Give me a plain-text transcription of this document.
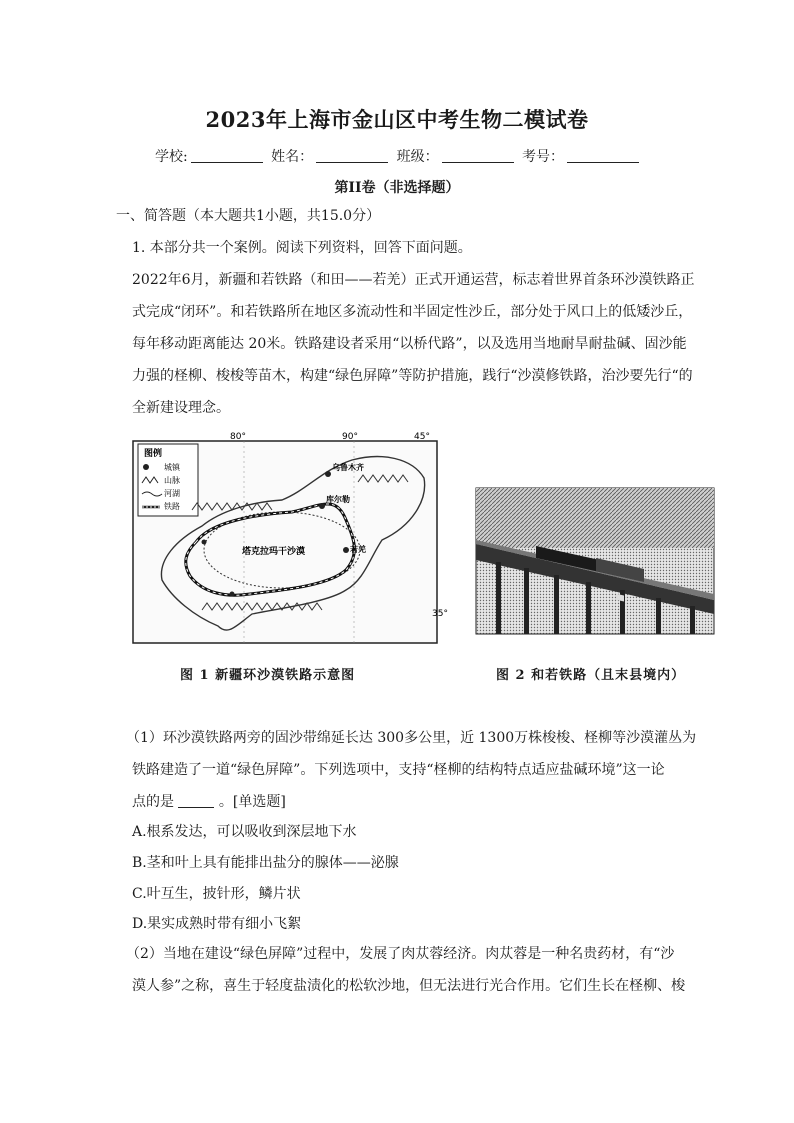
2023年上海市金山区中考生物二模试卷
学校:	姓名：	班级：	考号：
第II卷（非选择题）
一、简答题（本大题共1小题，共15.0分）
1. 本部分共一个案例。阅读下列资料，回答下面问题。
2022年6月，新疆和若铁路（和田——若羌）正式开通运营，标志着世界首条环沙漠铁路正
式完成“闭环”。和若铁路所在地区多流动性和半固定性沙丘，部分处于风口上的低矮沙丘，
每年移动距离能达 20米。铁路建设者采用“以桥代路”，以及选用当地耐旱耐盐碱、固沙能
力强的柽柳、梭梭等苗木，构建“绿色屏障”等防护措施，践行“沙漠修铁路，治沙要先行“的
全新建设理念。
图例
城镇
山脉
河湖
铁路
80°	90°	45°
35°
乌鲁木齐
库尔勒
塔克拉玛干沙漠	若羌
图 1 新疆环沙漠铁路示意图	图 2 和若铁路（且末县境内）
（1）环沙漠铁路两旁的固沙带绵延长达 300多公里，近 1300万株梭梭、柽柳等沙漠灌丛为
铁路建造了一道“绿色屏障”。下列选项中，支持“柽柳的结构特点适应盐碱环境”这一论
点的是	。[单选题]
A.根系发达，可以吸收到深层地下水
B.茎和叶上具有能排出盐分的腺体——泌腺
C.叶互生，披针形，鳞片状
D.果实成熟时带有细小飞絮
（2）当地在建设“绿色屏障”过程中，发展了肉苁蓉经济。肉苁蓉是一种名贵药材，有“沙
漠人参”之称，喜生于轻度盐渍化的松软沙地，但无法进行光合作用。它们生长在柽柳、梭
